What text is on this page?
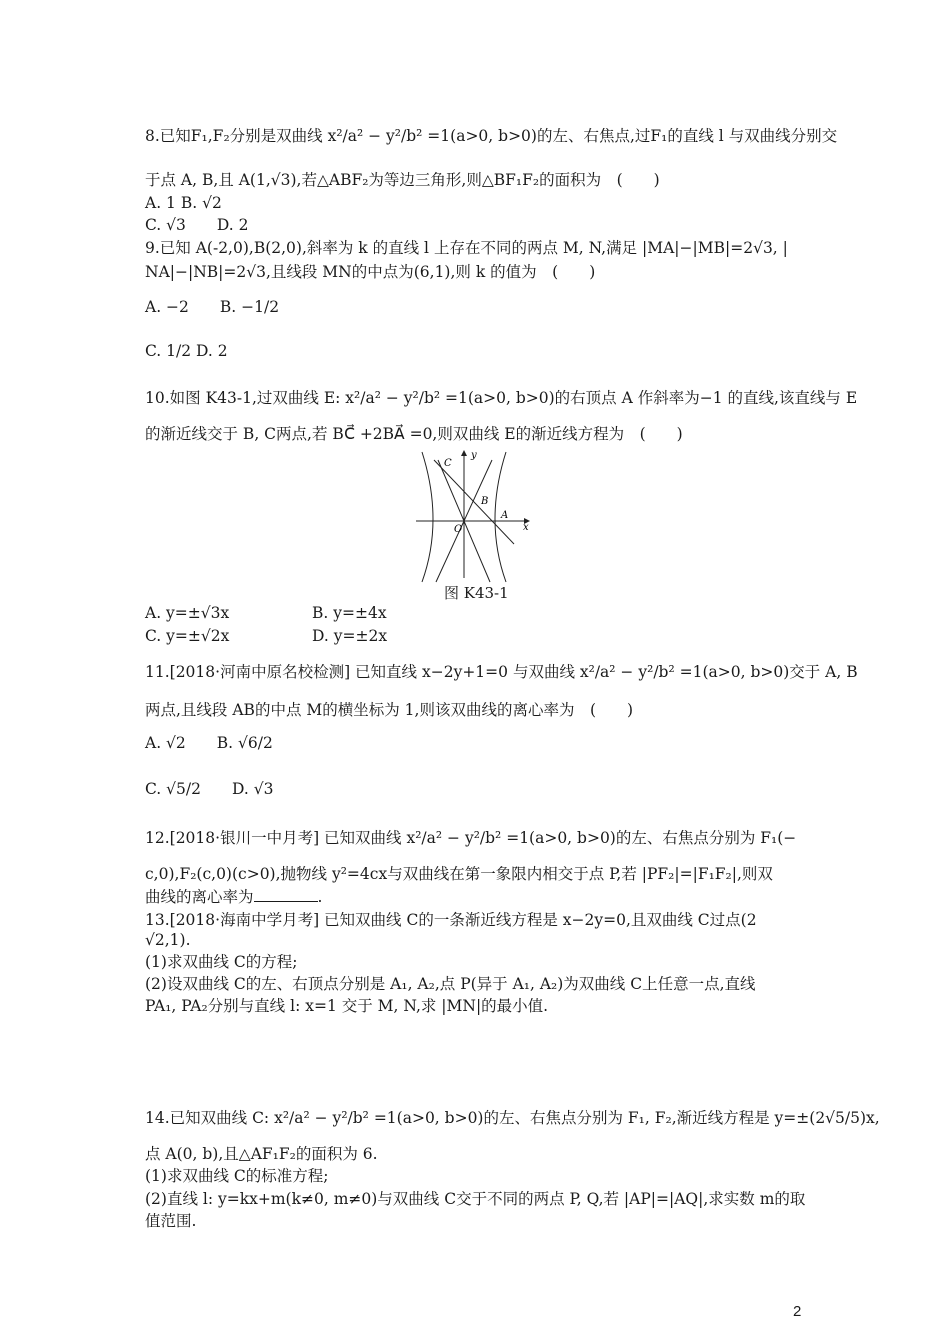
8.已知F₁,F₂分别是双曲线 x²/a² − y²/b² =1(a>0, b>0)的左、右焦点,过F₁的直线 l 与双曲线分别交
于点 A, B,且 A(1,√3),若△ABF₂为等边三角形,则△BF₁F₂的面积为　(　　)
A. 1 B. √2
C. √3　　D. 2
9.已知 A(-2,0),B(2,0),斜率为 k 的直线 l 上存在不同的两点 M, N,满足 |MA|−|MB|=2√3, |
NA|−|NB|=2√3,且线段 MN的中点为(6,1),则 k 的值为　(　　)
A. −2　　B. −1/2
C. 1/2 D. 2
10.如图 K43-1,过双曲线 E: x²/a² − y²/b² =1(a>0, b>0)的右顶点 A 作斜率为−1 的直线,该直线与 E
的渐近线交于 B, C两点,若 BC⃗ +2BA⃗ =0,则双曲线 E的渐近线方程为　(　　)
y
x
O
A
B
C
图 K43-1
A. y=±√3x	B. y=±4x
C. y=±√2x	D. y=±2x
11.[2018·河南中原名校检测] 已知直线 x−2y+1=0 与双曲线 x²/a² − y²/b² =1(a>0, b>0)交于 A, B
两点,且线段 AB的中点 M的横坐标为 1,则该双曲线的离心率为　(　　)
A. √2　　B. √6/2
C. √5/2　　D. √3
12.[2018·银川一中月考] 已知双曲线 x²/a² − y²/b² =1(a>0, b>0)的左、右焦点分别为 F₁(−
c,0),F₂(c,0)(c>0),抛物线 y²=4cx与双曲线在第一象限内相交于点 P,若 |PF₂|=|F₁F₂|,则双
曲线的离心率为	.
13.[2018·海南中学月考] 已知双曲线 C的一条渐近线方程是 x−2y=0,且双曲线 C过点(2
√2,1).
(1)求双曲线 C的方程;
(2)设双曲线 C的左、右顶点分别是 A₁, A₂,点 P(异于 A₁, A₂)为双曲线 C上任意一点,直线
PA₁, PA₂分别与直线 l: x=1 交于 M, N,求 |MN|的最小值.
14.已知双曲线 C: x²/a² − y²/b² =1(a>0, b>0)的左、右焦点分别为 F₁, F₂,渐近线方程是 y=±(2√5/5)x,
点 A(0, b),且△AF₁F₂的面积为 6.
(1)求双曲线 C的标准方程;
(2)直线 l: y=kx+m(k≠0, m≠0)与双曲线 C交于不同的两点 P, Q,若 |AP|=|AQ|,求实数 m的取
值范围.
2
